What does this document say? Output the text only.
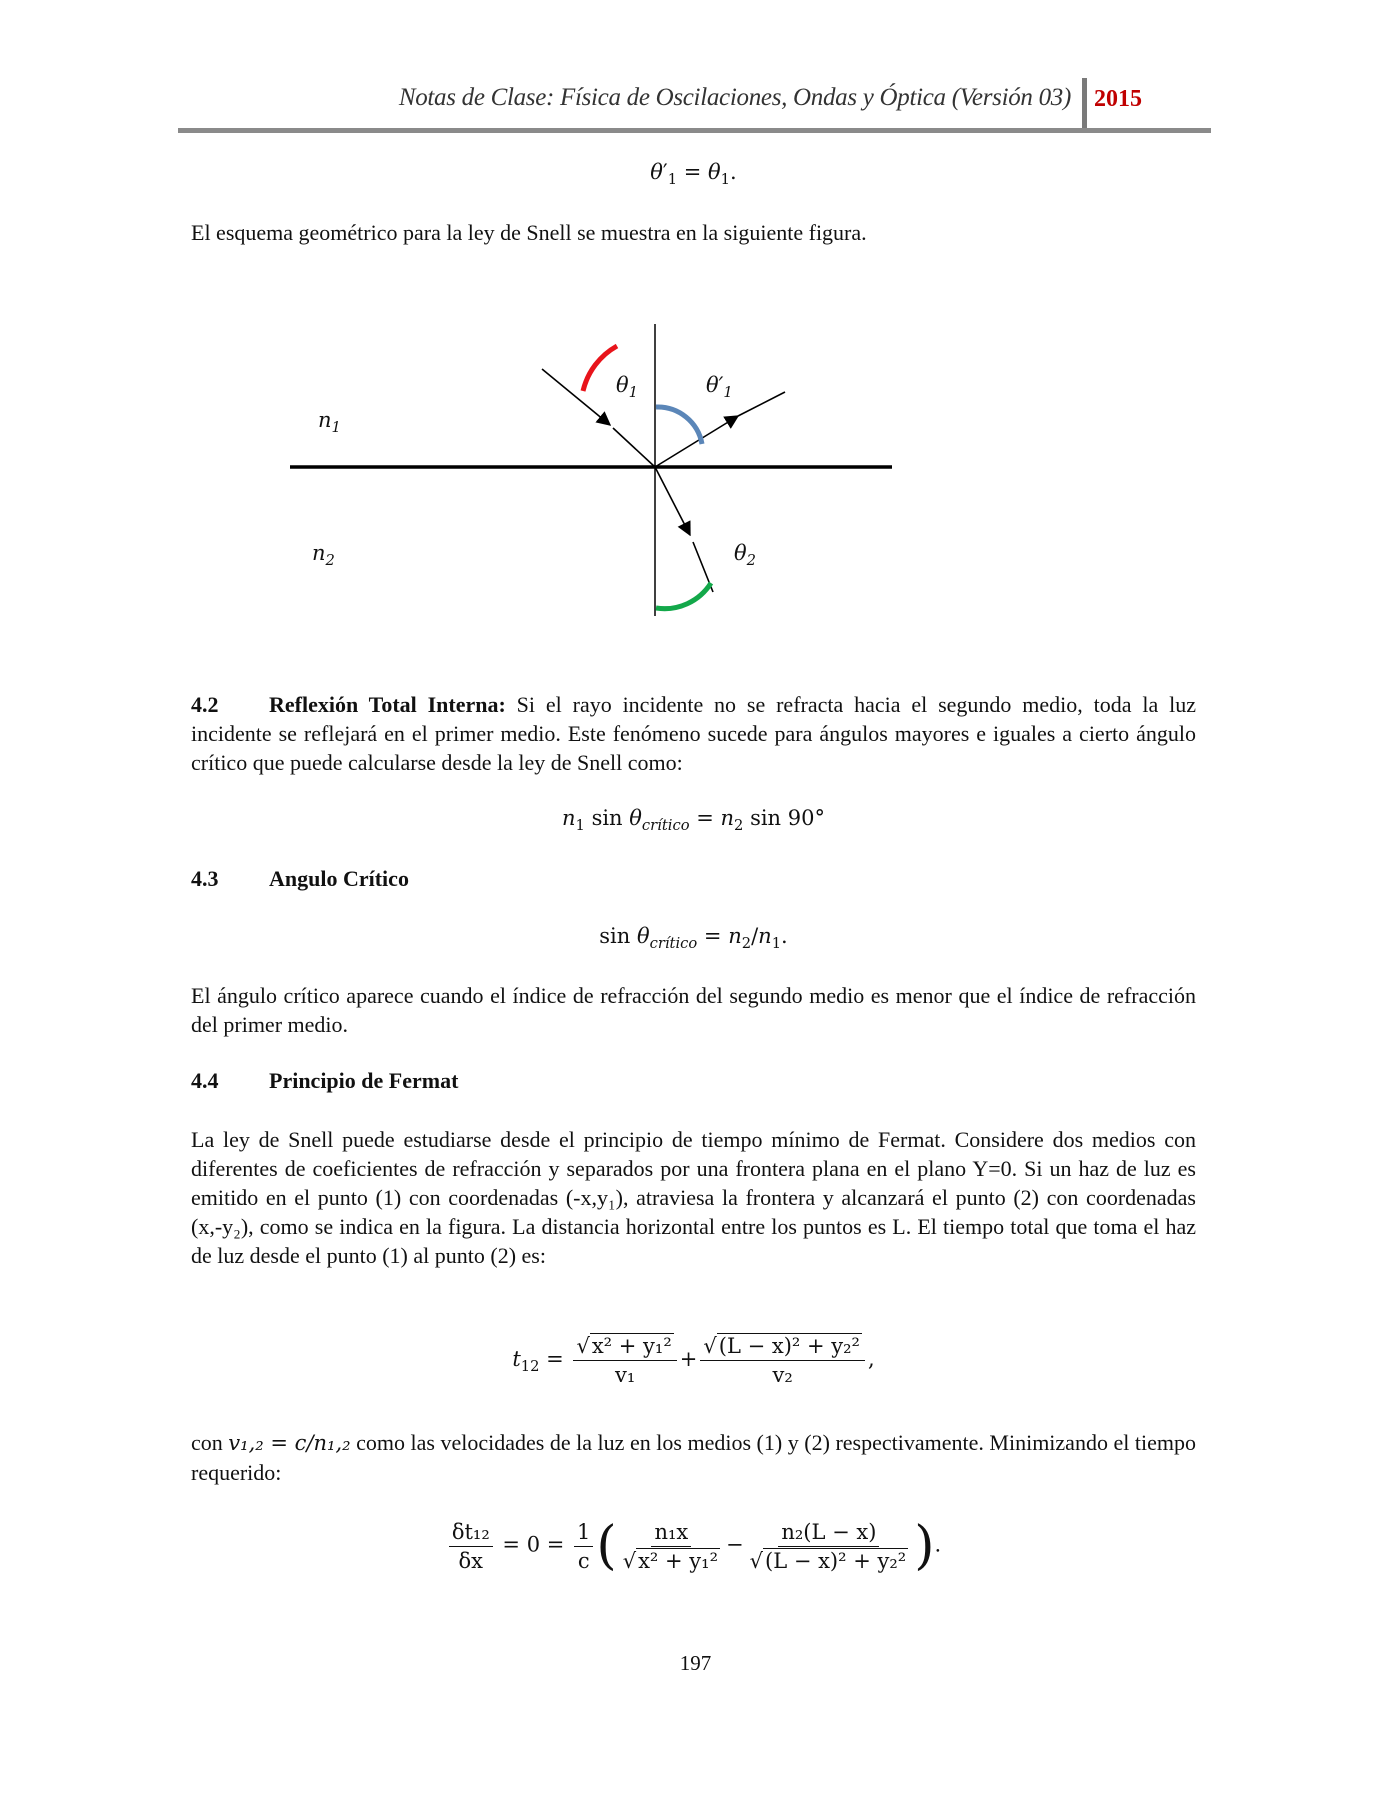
Notas de Clase: Física de Oscilaciones, Ondas y Óptica (Versión 03) 2015
$\theta'_1 = \theta_1$.
El esquema geométrico para la ley de Snell se muestra en la siguiente figura.
$n_1$
$n_2$
$\theta_1$	$\theta'_1$
$\theta_2$
4.2 Reflexión Total Interna: Si el rayo incidente no se refracta hacia el segundo medio, toda la luz incidente se reflejará en el primer medio. Este fenómeno sucede para ángulos mayores e iguales a cierto ángulo crítico que puede calcularse desde la ley de Snell como:
$n_1$ $\sin \theta_{crítico} = n_2$ sin 90°
4.3 Angulo Crítico
$\sin \theta_{crítico} = n_2/n_1$.
El ángulo crítico aparece cuando el índice de refracción del segundo medio es menor que el índice de refracción del primer medio.
4.4 Principio de Fermat
La ley de Snell puede estudiarse desde el principio de tiempo mínimo de Fermat. Considere dos medios con diferentes de coeficientes de refracción y separados por una frontera plana en el plano Y=0. Si un haz de luz es emitido en el punto (1) con coordenadas (-x,y₁), atraviesa la frontera y alcanzará el punto (2) con coordenadas (x,-y₂), como se indica en la figura. La distancia horizontal entre los puntos es L. El tiempo total que toma el haz de luz desde el punto (1) al punto (2) es:
$t_{12} = \frac{\text{√x² + y₁²}}{\text{v₁}} + \frac{\text{√(L − x)² + y₂²}}{\text{v₂}}$ ,
con v₁,₂ = c/n₁,₂ como las velocidades de la luz en los medios (1) y (2) respectivamente. Minimizando el tiempo requerido:
$\frac{\text{δt₁₂}}{\delta x} = 0 = \frac{1}{c}$ ( $\frac{\text{n₁x}}{\text{√x² + y₁²}} - \frac{\text{n₂(L − x)}}{\text{√(L − x)² + y₂²}}$ ).
197
